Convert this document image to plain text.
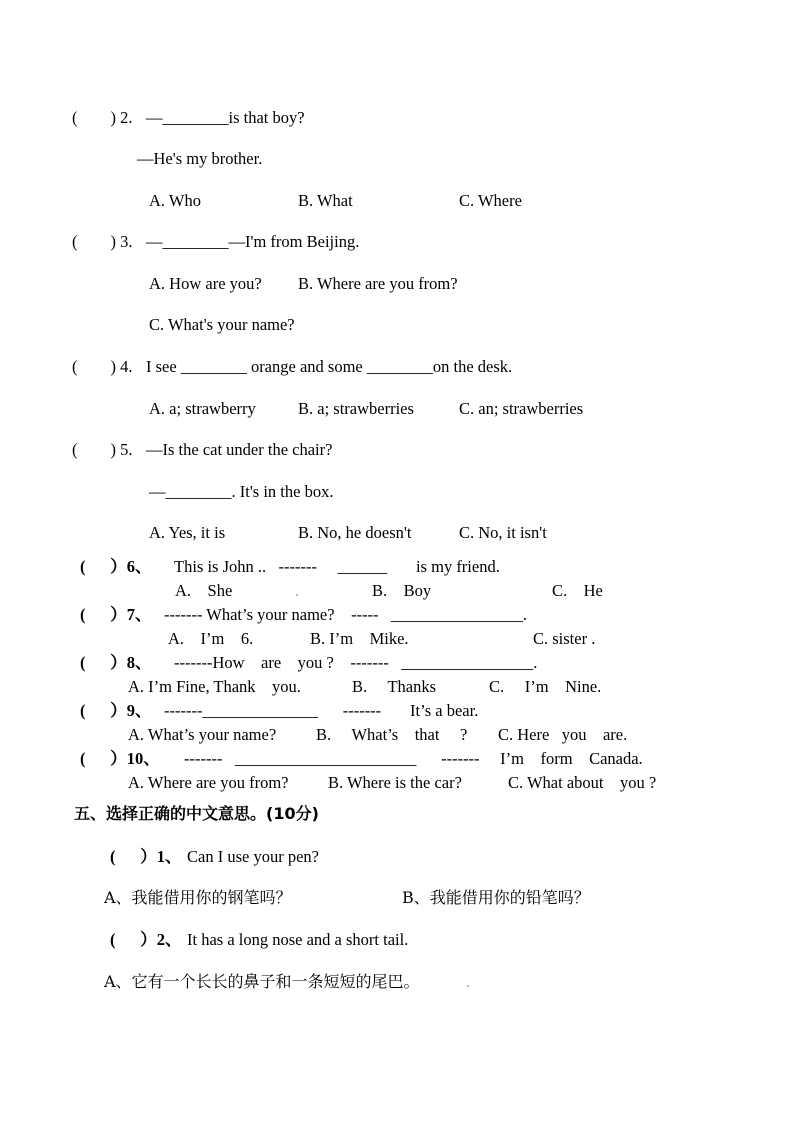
(        ) 2. —________is that boy?
—He's my brother.
A. Who	B. What	C. Where
(        ) 3. —________—I'm from Beijing.
A. How are you? B. Where are you from?
C. What's your name?
(        ) 4. I see ________ orange and some ________on the desk.
A. a; strawberry	B. a; strawberries	C. an; strawberries
(        ) 5. —Is the cat under the chair?
—________. It's in the box.
A. Yes, it is	B. No, he doesn't	C. No, it isn't
(      ）6、 This is John ..   -------     ______       is my friend.
A.    She	.	B.    Boy	C.    He
(      ）7、 ------- What’s your name?    -----   ________________.
A.    I’m    6.	B. I’m    Mike.	C. sister .
(      ）8、 -------How    are    you ?    -------   ________________.
A. I’m Fine, Thank    you.	B.     Thanks	C.     I’m    Nine.
(      ）9、 -------______________      -------       It’s a bear.
A. What’s your name? B.     What’s    that     ? C. Here   you    are.
(      ）10、 -------   ______________________      -------     I’m    form    Canada.
A. Where are you from? B. Where is the car?	C. What about    you ?
五、选择正确的中文意思。(10分)
(      ）1、 Can I use your pen?
A、我能借用你的钢笔吗？	B、我能借用你的铅笔吗？
(      ）2、 It has a long nose and a short tail.
A、它有一个长长的鼻子和一条短短的尾巴。	.
